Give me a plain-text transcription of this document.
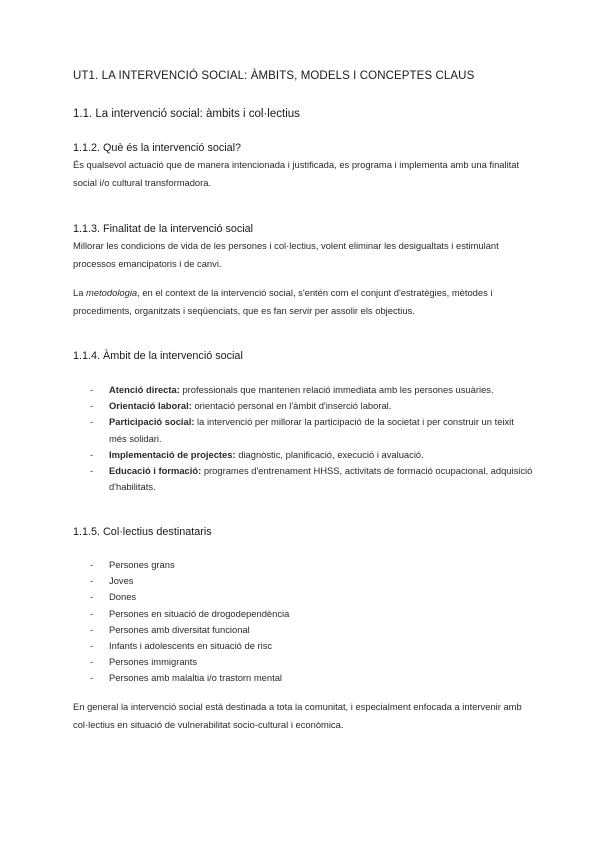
UT1. LA INTERVENCIÓ SOCIAL: ÀMBITS, MODELS I CONCEPTES CLAUS
1.1. La intervenció social: àmbits i col·lectius
1.1.2. Què és la intervenció social?

És qualsevol actuació que de manera intencionada i justificada, es programa i implementa amb una finalitat social i/o cultural transformadora.

1.1.3. Finalitat de la intervenció social

Millorar les condicions de vida de les persones i col·lectius, volent eliminar les desigualtats i estimulant processos emancipatoris i de canvi.

La metodologia, en el context de la intervenció social, s'entén com el conjunt d'estratègies, mètodes i procediments, organitzats i seqüenciats, que es fan servir per assolir els objectius.

1.1.4. Àmbit de la intervenció social
- Atenció directa: professionals que mantenen relació immediata amb les persones usuàries.
- Orientació laboral: orientació personal en l'àmbit d'inserció laboral.
- Participació social: la intervenció per millorar la participació de la societat i per construir un teixit més solidari.
- Implementació de projectes: diagnòstic, planificació, execució i avaluació.
- Educació i formació: programes d'entrenament HHSS, activitats de formació ocupacional, adquisició d'habilitats.
1.1.5. Col·lectius destinataris
- Persones grans
- Joves
- Dones
- Persones en situació de drogodependència
- Persones amb diversitat funcional
- Infants i adolescents en situació de risc
- Persones immigrants
- Persones amb malaltia i/o trastorn mental

En general la intervenció social està destinada a tota la comunitat, i especialment enfocada a intervenir amb col·lectius en situació de vulnerabilitat socio-cultural i econòmica.
